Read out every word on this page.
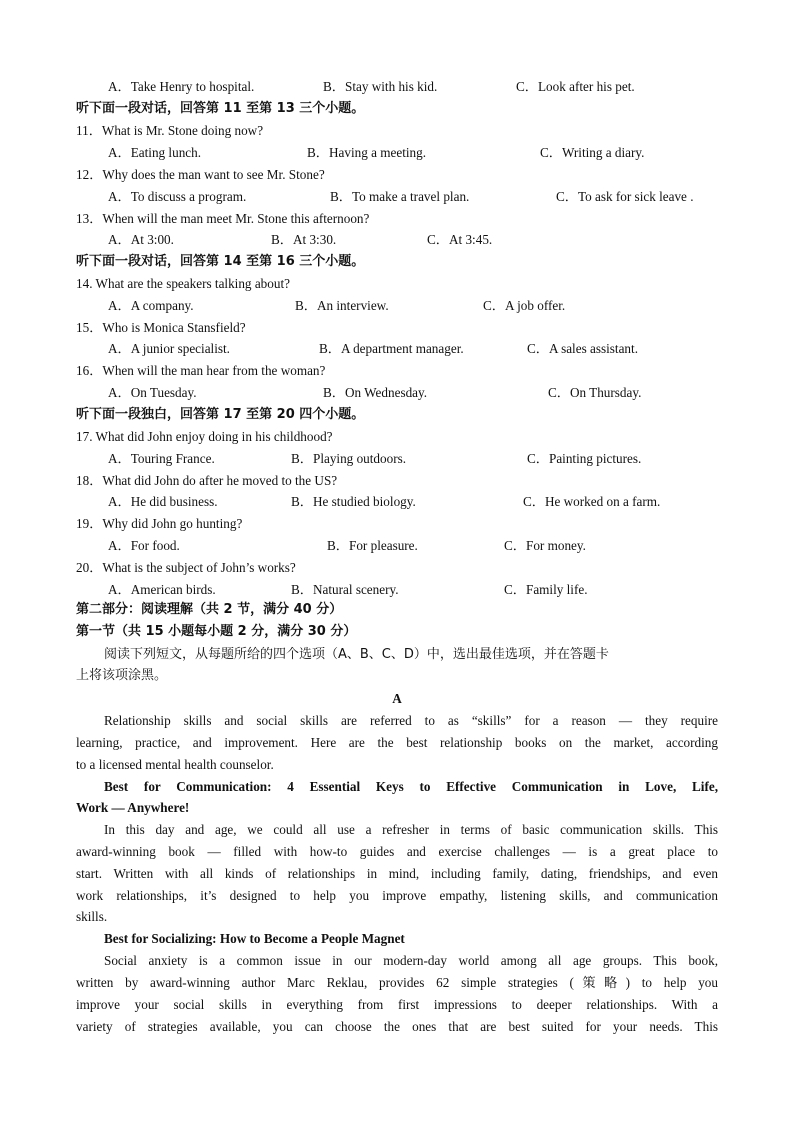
A．Take Henry to hospital.	B．Stay with his kid.	C．Look after his pet.
听下面一段对话，回答第 11 至第 13 三个小题。
11．What is Mr. Stone doing now?
A．Eating lunch.	B．Having a meeting.	C．Writing a diary.
12．Why does the man want to see Mr. Stone?
A．To discuss a program.	B．To make a travel plan.	C．To ask for sick leave .
13．When will the man meet Mr. Stone this afternoon?
A．At 3:00.	B．At 3:30.	C．At 3:45.
听下面一段对话，回答第 14 至第 16 三个小题。
14. What are the speakers talking about?
A．A company.	B．An interview.	C．A job offer.
15．Who is Monica Stansfield?
A．A junior specialist.	B．A department manager.	C．A sales assistant.
16．When will the man hear from the woman?
A．On Tuesday.	B．On Wednesday.	C．On Thursday.
听下面一段独白，回答第 17 至第 20 四个小题。
17. What did John enjoy doing in his childhood?
A．Touring France.	B．Playing outdoors.	C．Painting pictures.
18．What did John do after he moved to the US?
A．He did business.	B．He studied biology.	C．He worked on a farm.
19．Why did John go hunting?
A．For food.	B．For pleasure.	C．For money.
20．What is the subject of John’s works?
A．American birds.	B．Natural scenery.	C．Family life.
第二部分：阅读理解（共 2 节，满分 40 分）
第一节（共 15 小题每小题 2 分，满分 30 分）
阅读下列短文，从每题所给的四个选项（A、B、C、D）中，选出最佳选项，并在答题卡
上将该项涂黑。
A
Relationship skills and social skills are referred to as “skills” for a reason — they require
learning, practice, and improvement. Here are the best relationship books on the market, according
to a licensed mental health counselor.
Best for Communication: 4 Essential Keys to Effective Communication in Love, Life,
Work — Anywhere!
In this day and age, we could all use a refresher in terms of basic communication skills. This
award-winning book — filled with how-to guides and exercise challenges — is a great place to
start. Written with all kinds of relationships in mind, including family, dating, friendships, and even
work relationships, it’s designed to help you improve empathy, listening skills, and communication
skills.
Best for Socializing: How to Become a People Magnet
Social anxiety is a common issue in our modern-day world among all age groups. This book,
written by award-winning author Marc Reklau, provides 62 simple strategies (策略) to help you
improve your social skills in everything from first impressions to deeper relationships. With a
variety of strategies available, you can choose the ones that are best suited for your needs. This
